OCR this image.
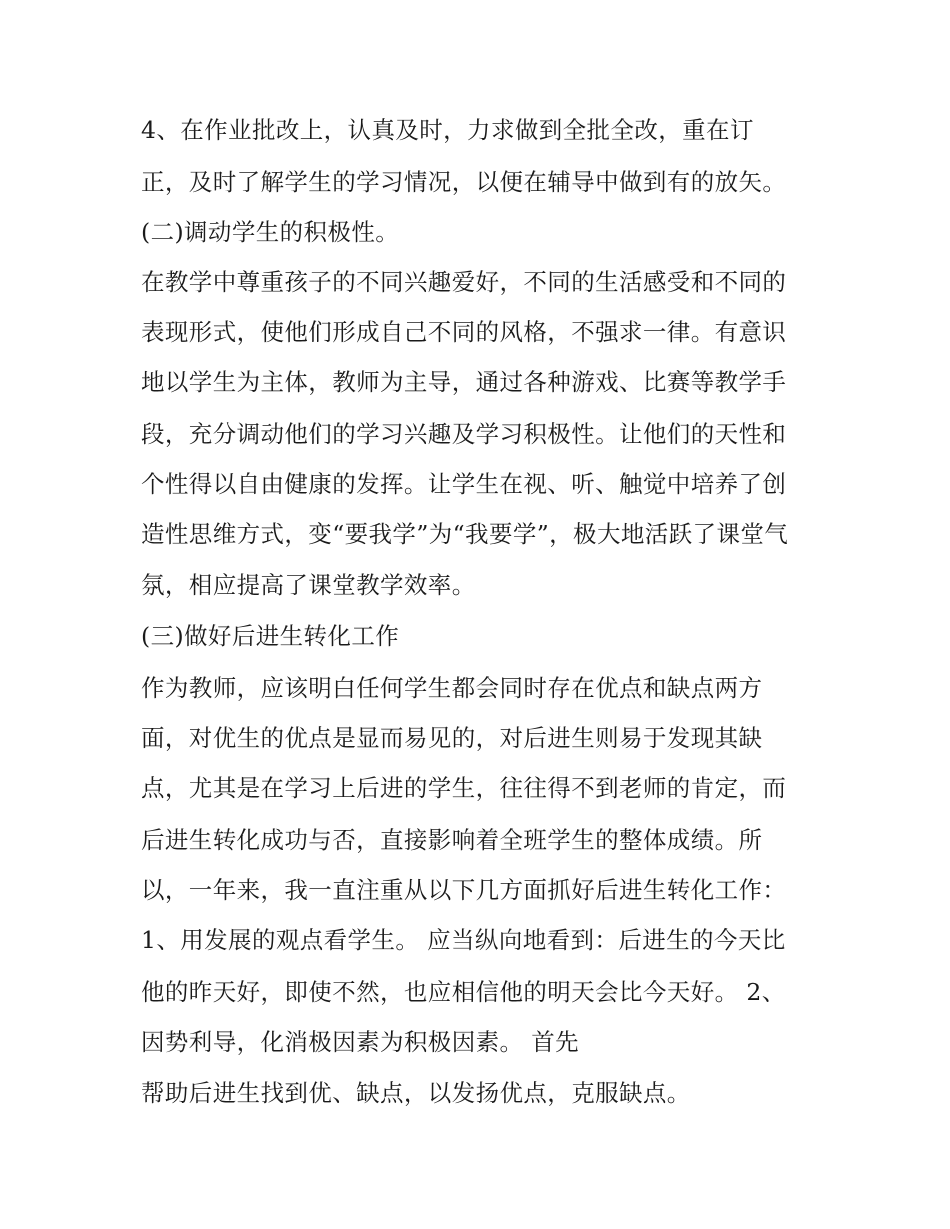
4、在作业批改上，认真及时，力求做到全批全改，重在订
正，及时了解学生的学习情况，以便在辅导中做到有的放矢。
(二)调动学生的积极性。
在教学中尊重孩子的不同兴趣爱好，不同的生活感受和不同的
表现形式，使他们形成自己不同的风格，不强求一律。有意识
地以学生为主体，教师为主导，通过各种游戏、比赛等教学手
段，充分调动他们的学习兴趣及学习积极性。让他们的天性和
个性得以自由健康的发挥。让学生在视、听、触觉中培养了创
造性思维方式，变“要我学”为“我要学”，极大地活跃了课堂气
氛，相应提高了课堂教学效率。
(三)做好后进生转化工作
作为教师，应该明白任何学生都会同时存在优点和缺点两方
面，对优生的优点是显而易见的，对后进生则易于发现其缺
点，尤其是在学习上后进的学生，往往得不到老师的肯定，而
后进生转化成功与否，直接影响着全班学生的整体成绩。所
以，一年来，我一直注重从以下几方面抓好后进生转化工作：
1、用发展的观点看学生。 应当纵向地看到：后进生的今天比
他的昨天好，即使不然，也应相信他的明天会比今天好。 2、
因势利导，化消极因素为积极因素。 首先
帮助后进生找到优、缺点，以发扬优点，克服缺点。
